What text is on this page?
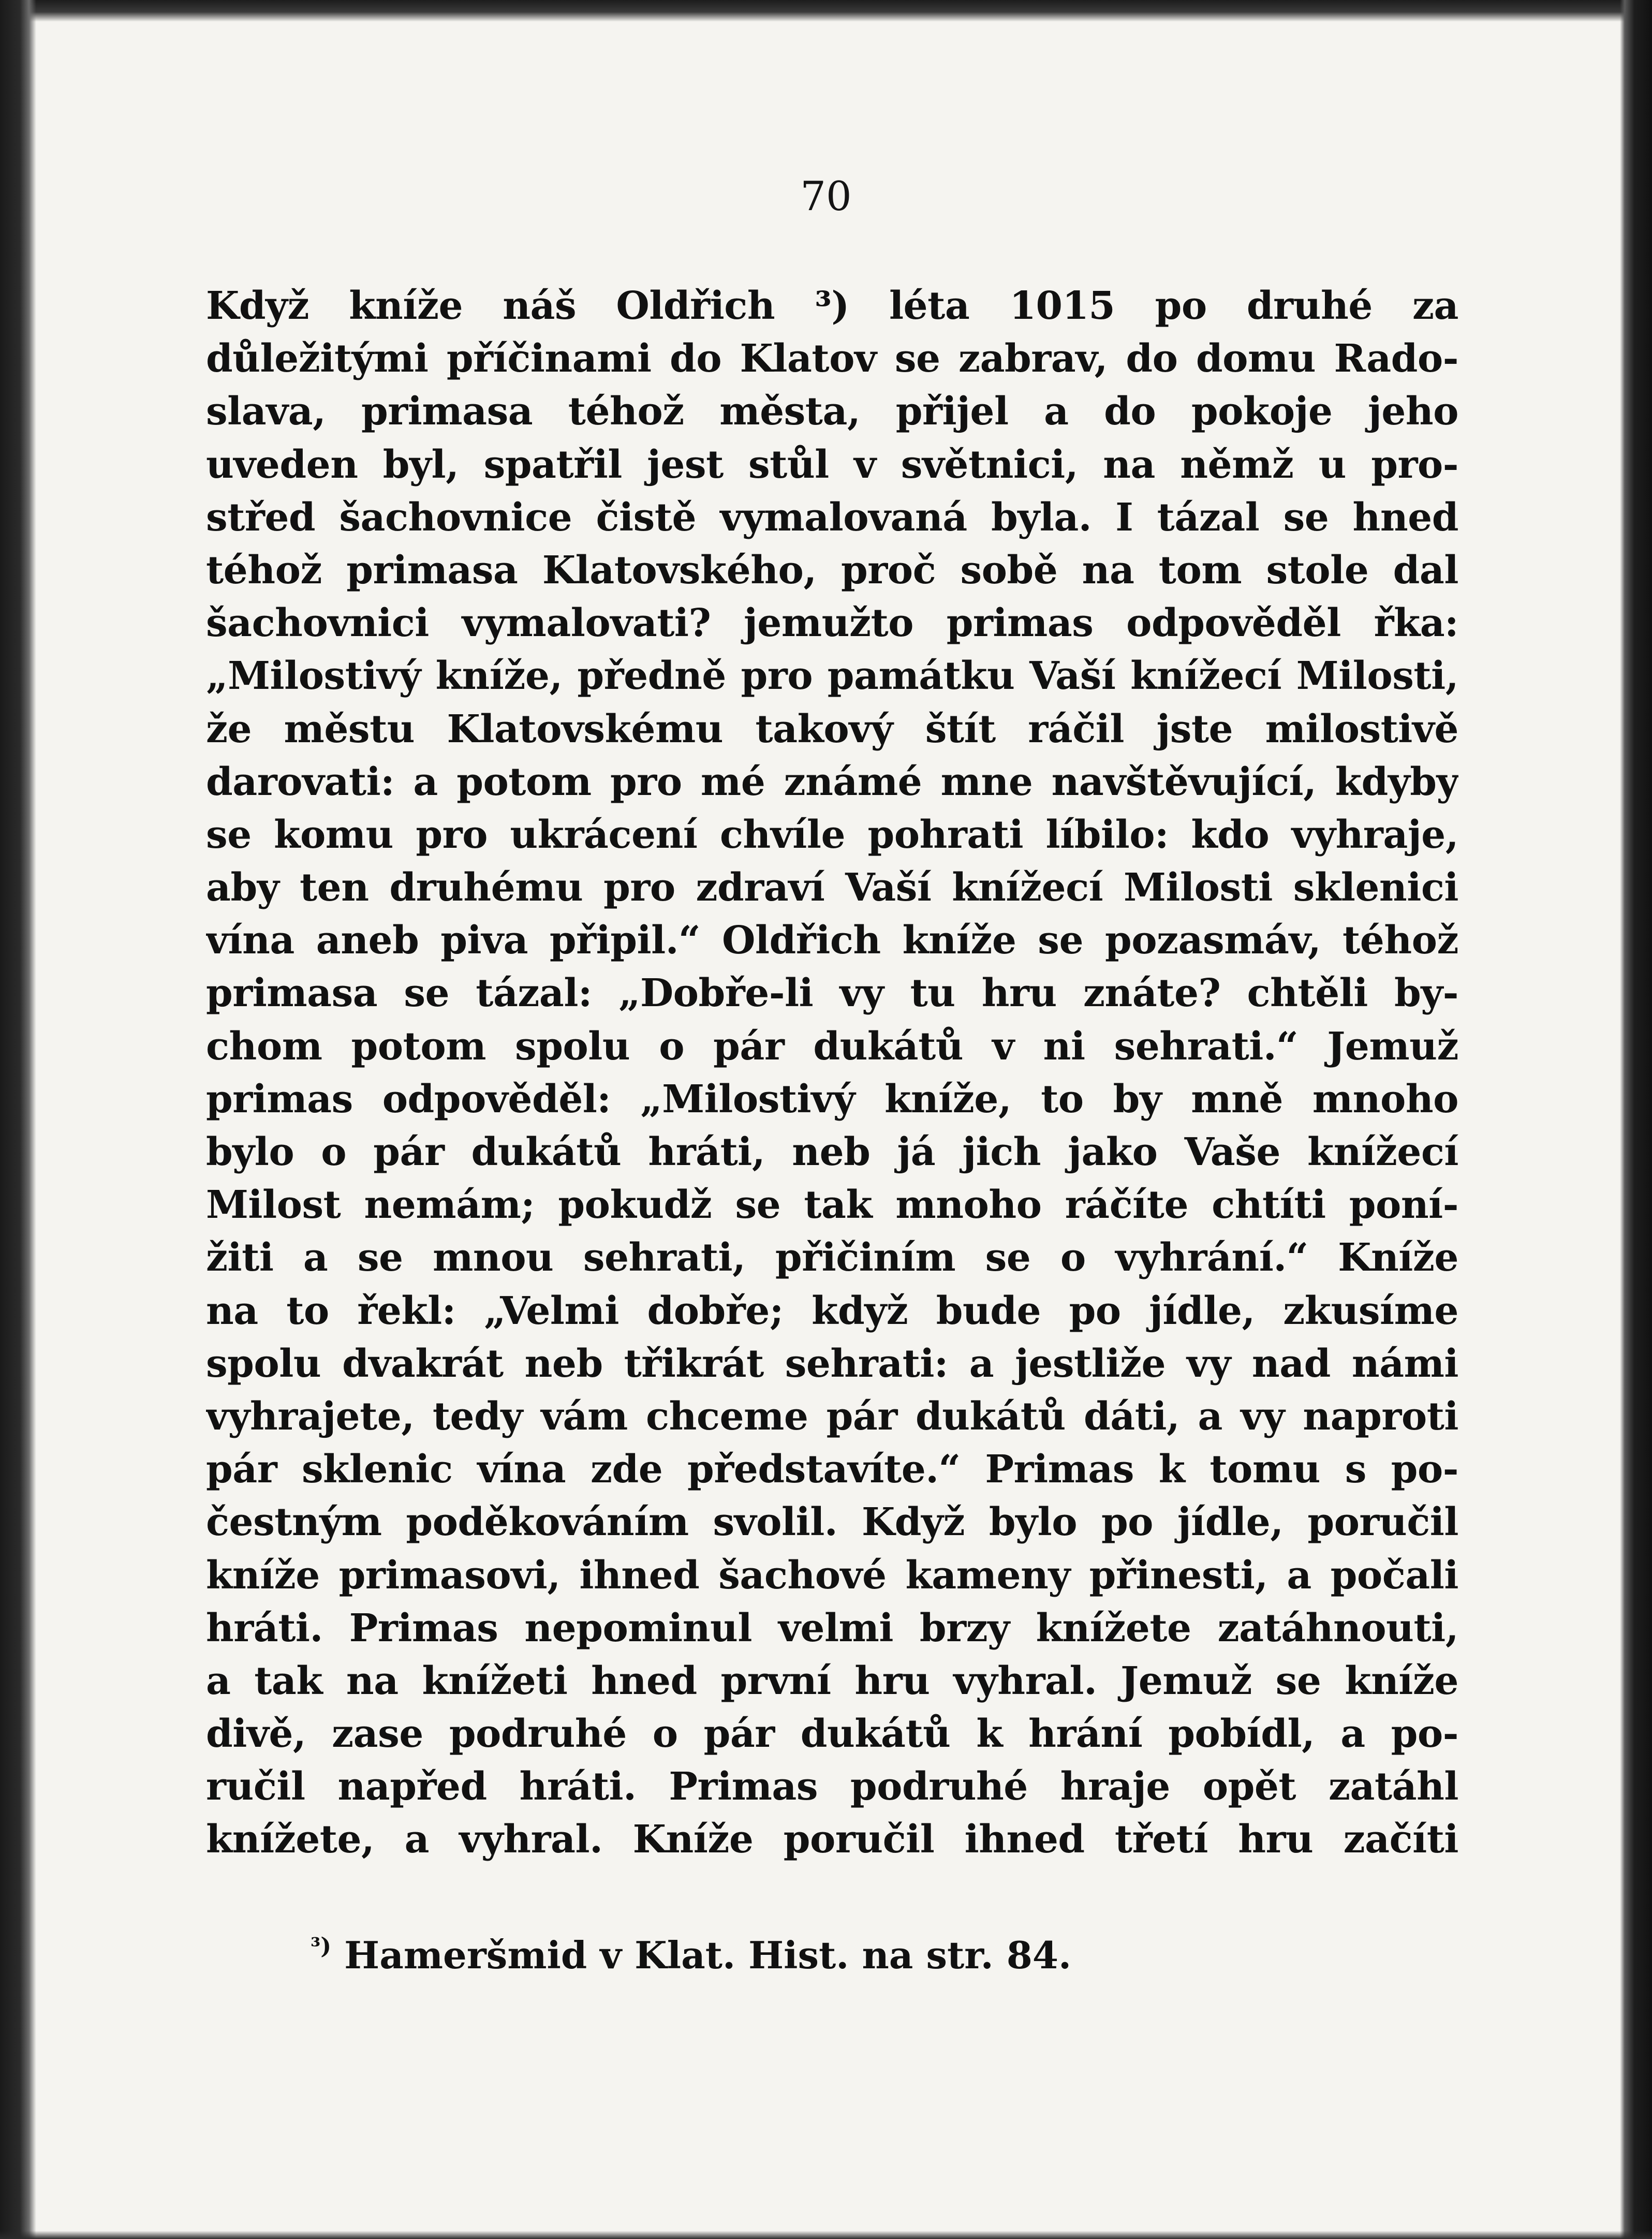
70
Když kníže náš Oldřich ³) léta 1015 po druhé za
důležitými příčinami do Klatov se zabrav, do domu Rado-
slava, primasa téhož města, přijel a do pokoje jeho
uveden byl, spatřil jest stůl v světnici, na němž u pro-
střed šachovnice čistě vymalovaná byla. I tázal se hned
téhož primasa Klatovského, proč sobě na tom stole dal
šachovnici vymalovati? jemužto primas odpověděl řka:
„Milostivý kníže, předně pro památku Vaší knížecí Milosti,
že městu Klatovskému takový štít ráčil jste milostivě
darovati: a potom pro mé známé mne navštěvující, kdyby
se komu pro ukrácení chvíle pohrati líbilo: kdo vyhraje,
aby ten druhému pro zdraví Vaší knížecí Milosti sklenici
vína aneb piva připil.“ Oldřich kníže se pozasmáv, téhož
primasa se tázal: „Dobře-li vy tu hru znáte? chtěli by-
chom potom spolu o pár dukátů v ni sehrati.“ Jemuž
primas odpověděl: „Milostivý kníže, to by mně mnoho
bylo o pár dukátů hráti, neb já jich jako Vaše knížecí
Milost nemám; pokudž se tak mnoho ráčíte chtíti poní-
žiti a se mnou sehrati, přičiním se o vyhrání.“ Kníže
na to řekl: „Velmi dobře; když bude po jídle, zkusíme
spolu dvakrát neb třikrát sehrati: a jestliže vy nad námi
vyhrajete, tedy vám chceme pár dukátů dáti, a vy naproti
pár sklenic vína zde představíte.“ Primas k tomu s po-
čestným poděkováním svolil. Když bylo po jídle, poručil
kníže primasovi, ihned šachové kameny přinesti, a počali
hráti. Primas nepominul velmi brzy knížete zatáhnouti,
a tak na knížeti hned první hru vyhral. Jemuž se kníže
divě, zase podruhé o pár dukátů k hrání pobídl, a po-
ručil napřed hráti. Primas podruhé hraje opět zatáhl
knížete, a vyhral. Kníže poručil ihned třetí hru začíti
$^{^3)}$ Hameršmid v Klat. Hist. na str. 84.
